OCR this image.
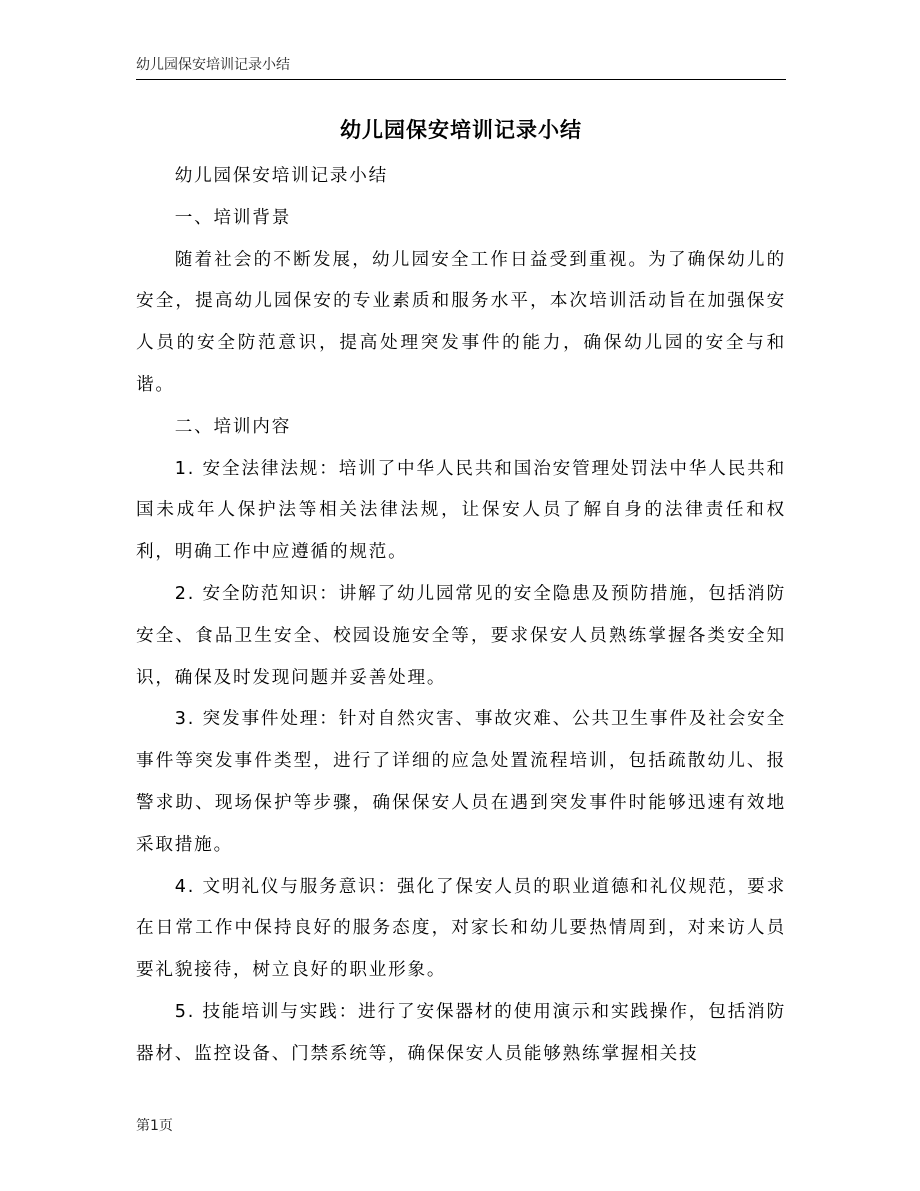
幼儿园保安培训记录小结
幼儿园保安培训记录小结

幼儿园保安培训记录小结

一、培训背景

随着社会的不断发展，幼儿园安全工作日益受到重视。为了确保幼儿的安全，提高幼儿园保安的专业素质和服务水平，本次培训活动旨在加强保安人员的安全防范意识，提高处理突发事件的能力，确保幼儿园的安全与和谐。

二、培训内容

1. 安全法律法规：培训了中华人民共和国治安管理处罚法中华人民共和国未成年人保护法等相关法律法规，让保安人员了解自身的法律责任和权利，明确工作中应遵循的规范。

2. 安全防范知识：讲解了幼儿园常见的安全隐患及预防措施，包括消防安全、食品卫生安全、校园设施安全等，要求保安人员熟练掌握各类安全知识，确保及时发现问题并妥善处理。

3. 突发事件处理：针对自然灾害、事故灾难、公共卫生事件及社会安全事件等突发事件类型，进行了详细的应急处置流程培训，包括疏散幼儿、报警求助、现场保护等步骤，确保保安人员在遇到突发事件时能够迅速有效地采取措施。

4. 文明礼仪与服务意识：强化了保安人员的职业道德和礼仪规范，要求在日常工作中保持良好的服务态度，对家长和幼儿要热情周到，对来访人员要礼貌接待，树立良好的职业形象。

5. 技能培训与实践：进行了安保器材的使用演示和实践操作，包括消防器材、监控设备、门禁系统等，确保保安人员能够熟练掌握相关技

第1页
